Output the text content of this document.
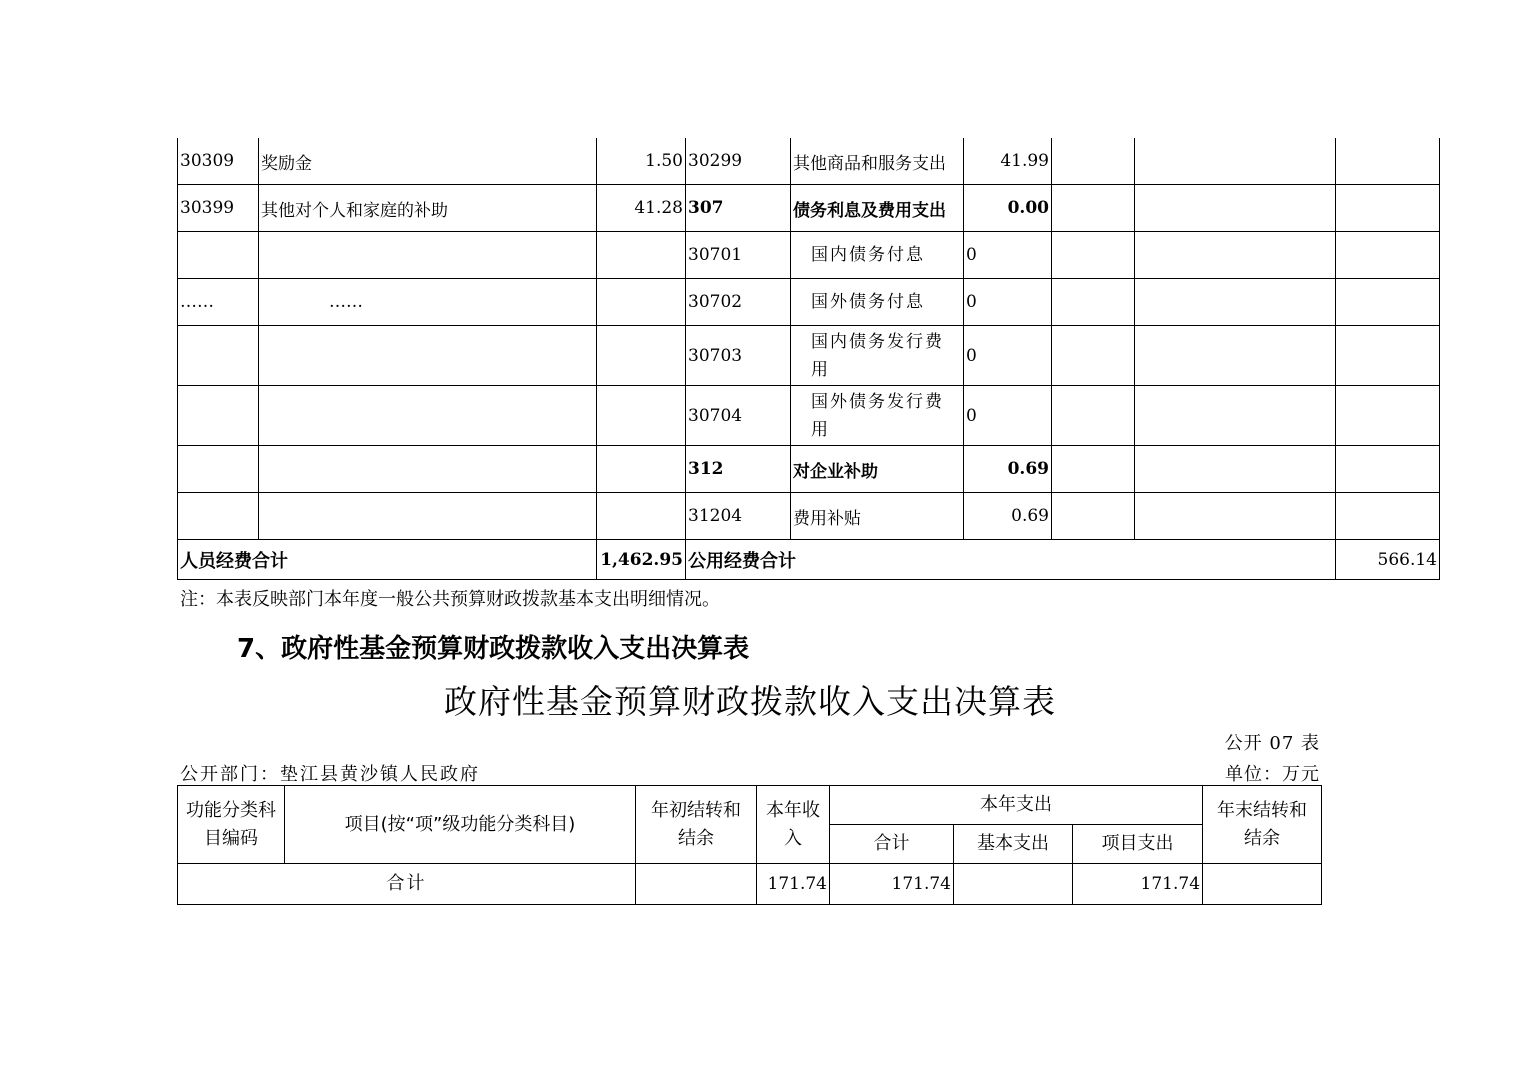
30309	奖励金	1.50	30299	其他商品和服务支出	41.99			
30399	其他对个人和家庭的补助	41.28	307	债务利息及费用支出	0.00			
			30701	国内债务付息	0			
……	……		30702	国外债务付息	0			
			30703	国内债务发行费用	0			
			30704	国外债务发行费用	0			
			312	对企业补助	0.69			
			31204	费用补贴	0.69			
人员经费合计		1,462.95	公用经费合计					566.14
注：本表反映部门本年度一般公共预算财政拨款基本支出明细情况。
7、政府性基金预算财政拨款收入支出决算表
政府性基金预算财政拨款收入支出决算表
公开 07 表
公开部门：垫江县黄沙镇人民政府	单位：万元
功能分类科目编码	项目(按“项”级功能分类科目)	年初结转和结余	本年收入	本年支出			年末结转和结余
				合计	基本支出	项目支出	
合计			171.74	171.74		171.74	
